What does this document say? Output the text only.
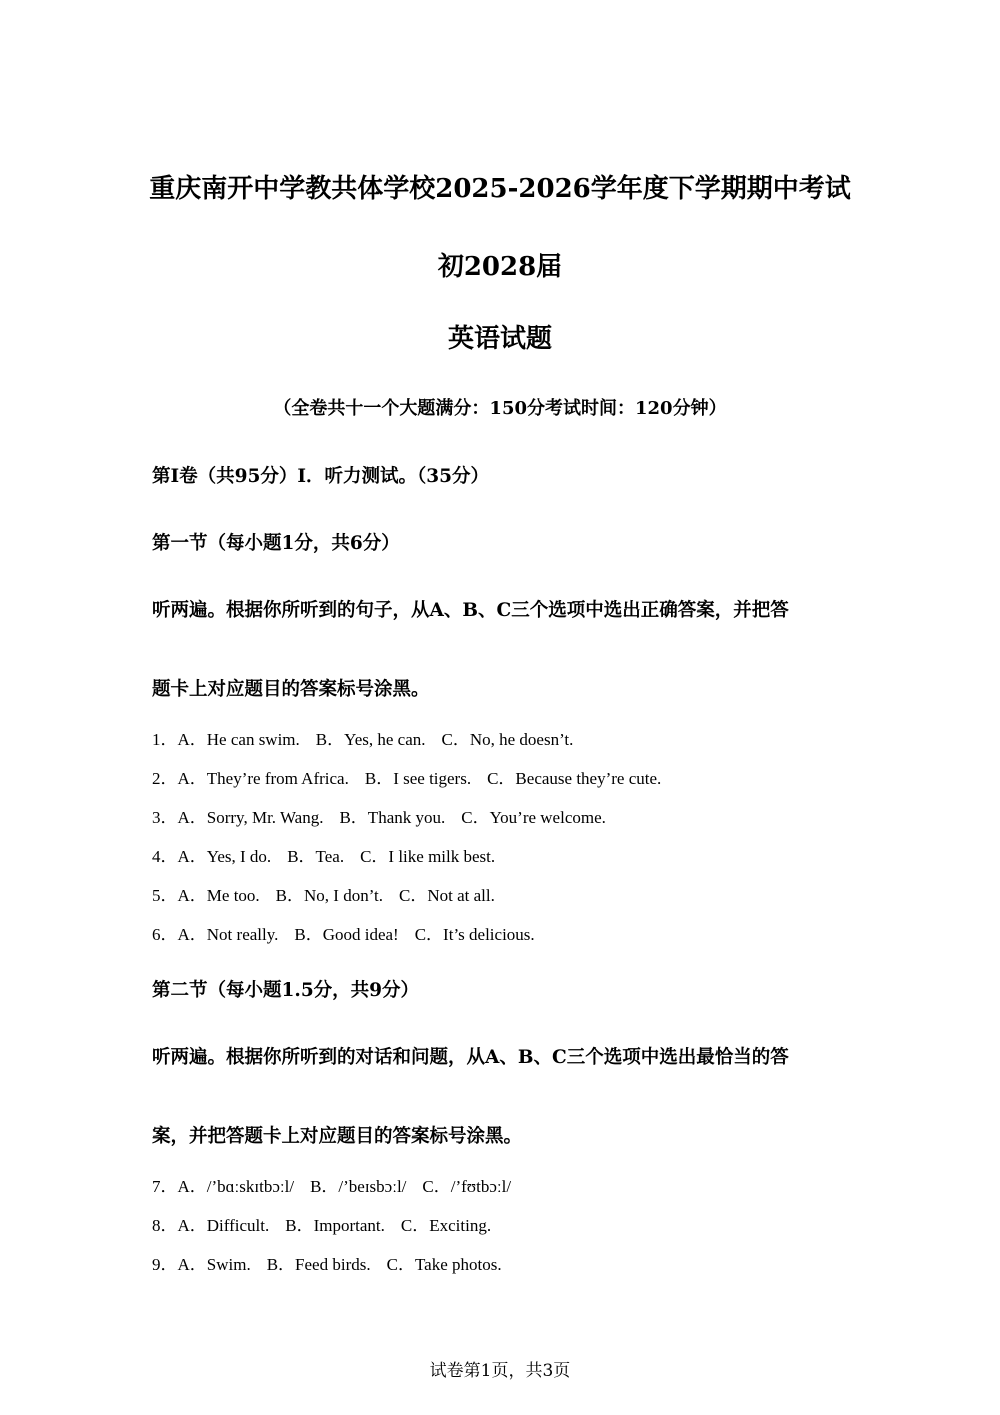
重庆南开中学教共体学校2025-2026学年度下学期期中考试
初2028届
英语试题
（全卷共十一个大题满分：150分考试时间：120分钟）
第Ⅰ卷（共95分）Ⅰ．听力测试。（35分）
第一节（每小题1分，共6分）
听两遍。根据你所听到的句子，从A、B、C三个选项中选出正确答案，并把答
题卡上对应题目的答案标号涂黑。
1．A．He can swim. B．Yes, he can. C．No, he doesn’t.
2．A．They’re from Africa. B．I see tigers. C．Because they’re cute.
3．A．Sorry, Mr. Wang. B．Thank you. C．You’re welcome.
4．A．Yes, I do. B．Tea. C．I like milk best.
5．A．Me too. B．No, I don’t. C．Not at all.
6．A．Not really. B．Good idea! C．It’s delicious.
第二节（每小题1.5分，共9分）
听两遍。根据你所听到的对话和问题，从A、B、C三个选项中选出最恰当的答
案，并把答题卡上对应题目的答案标号涂黑。
7．A．/’bɑːskɪtbɔːl/ B．/’beɪsbɔːl/ C．/’fʊtbɔːl/
8．A．Difficult. B．Important. C．Exciting.
9．A．Swim. B．Feed birds. C．Take photos.
试卷第1页，共3页
